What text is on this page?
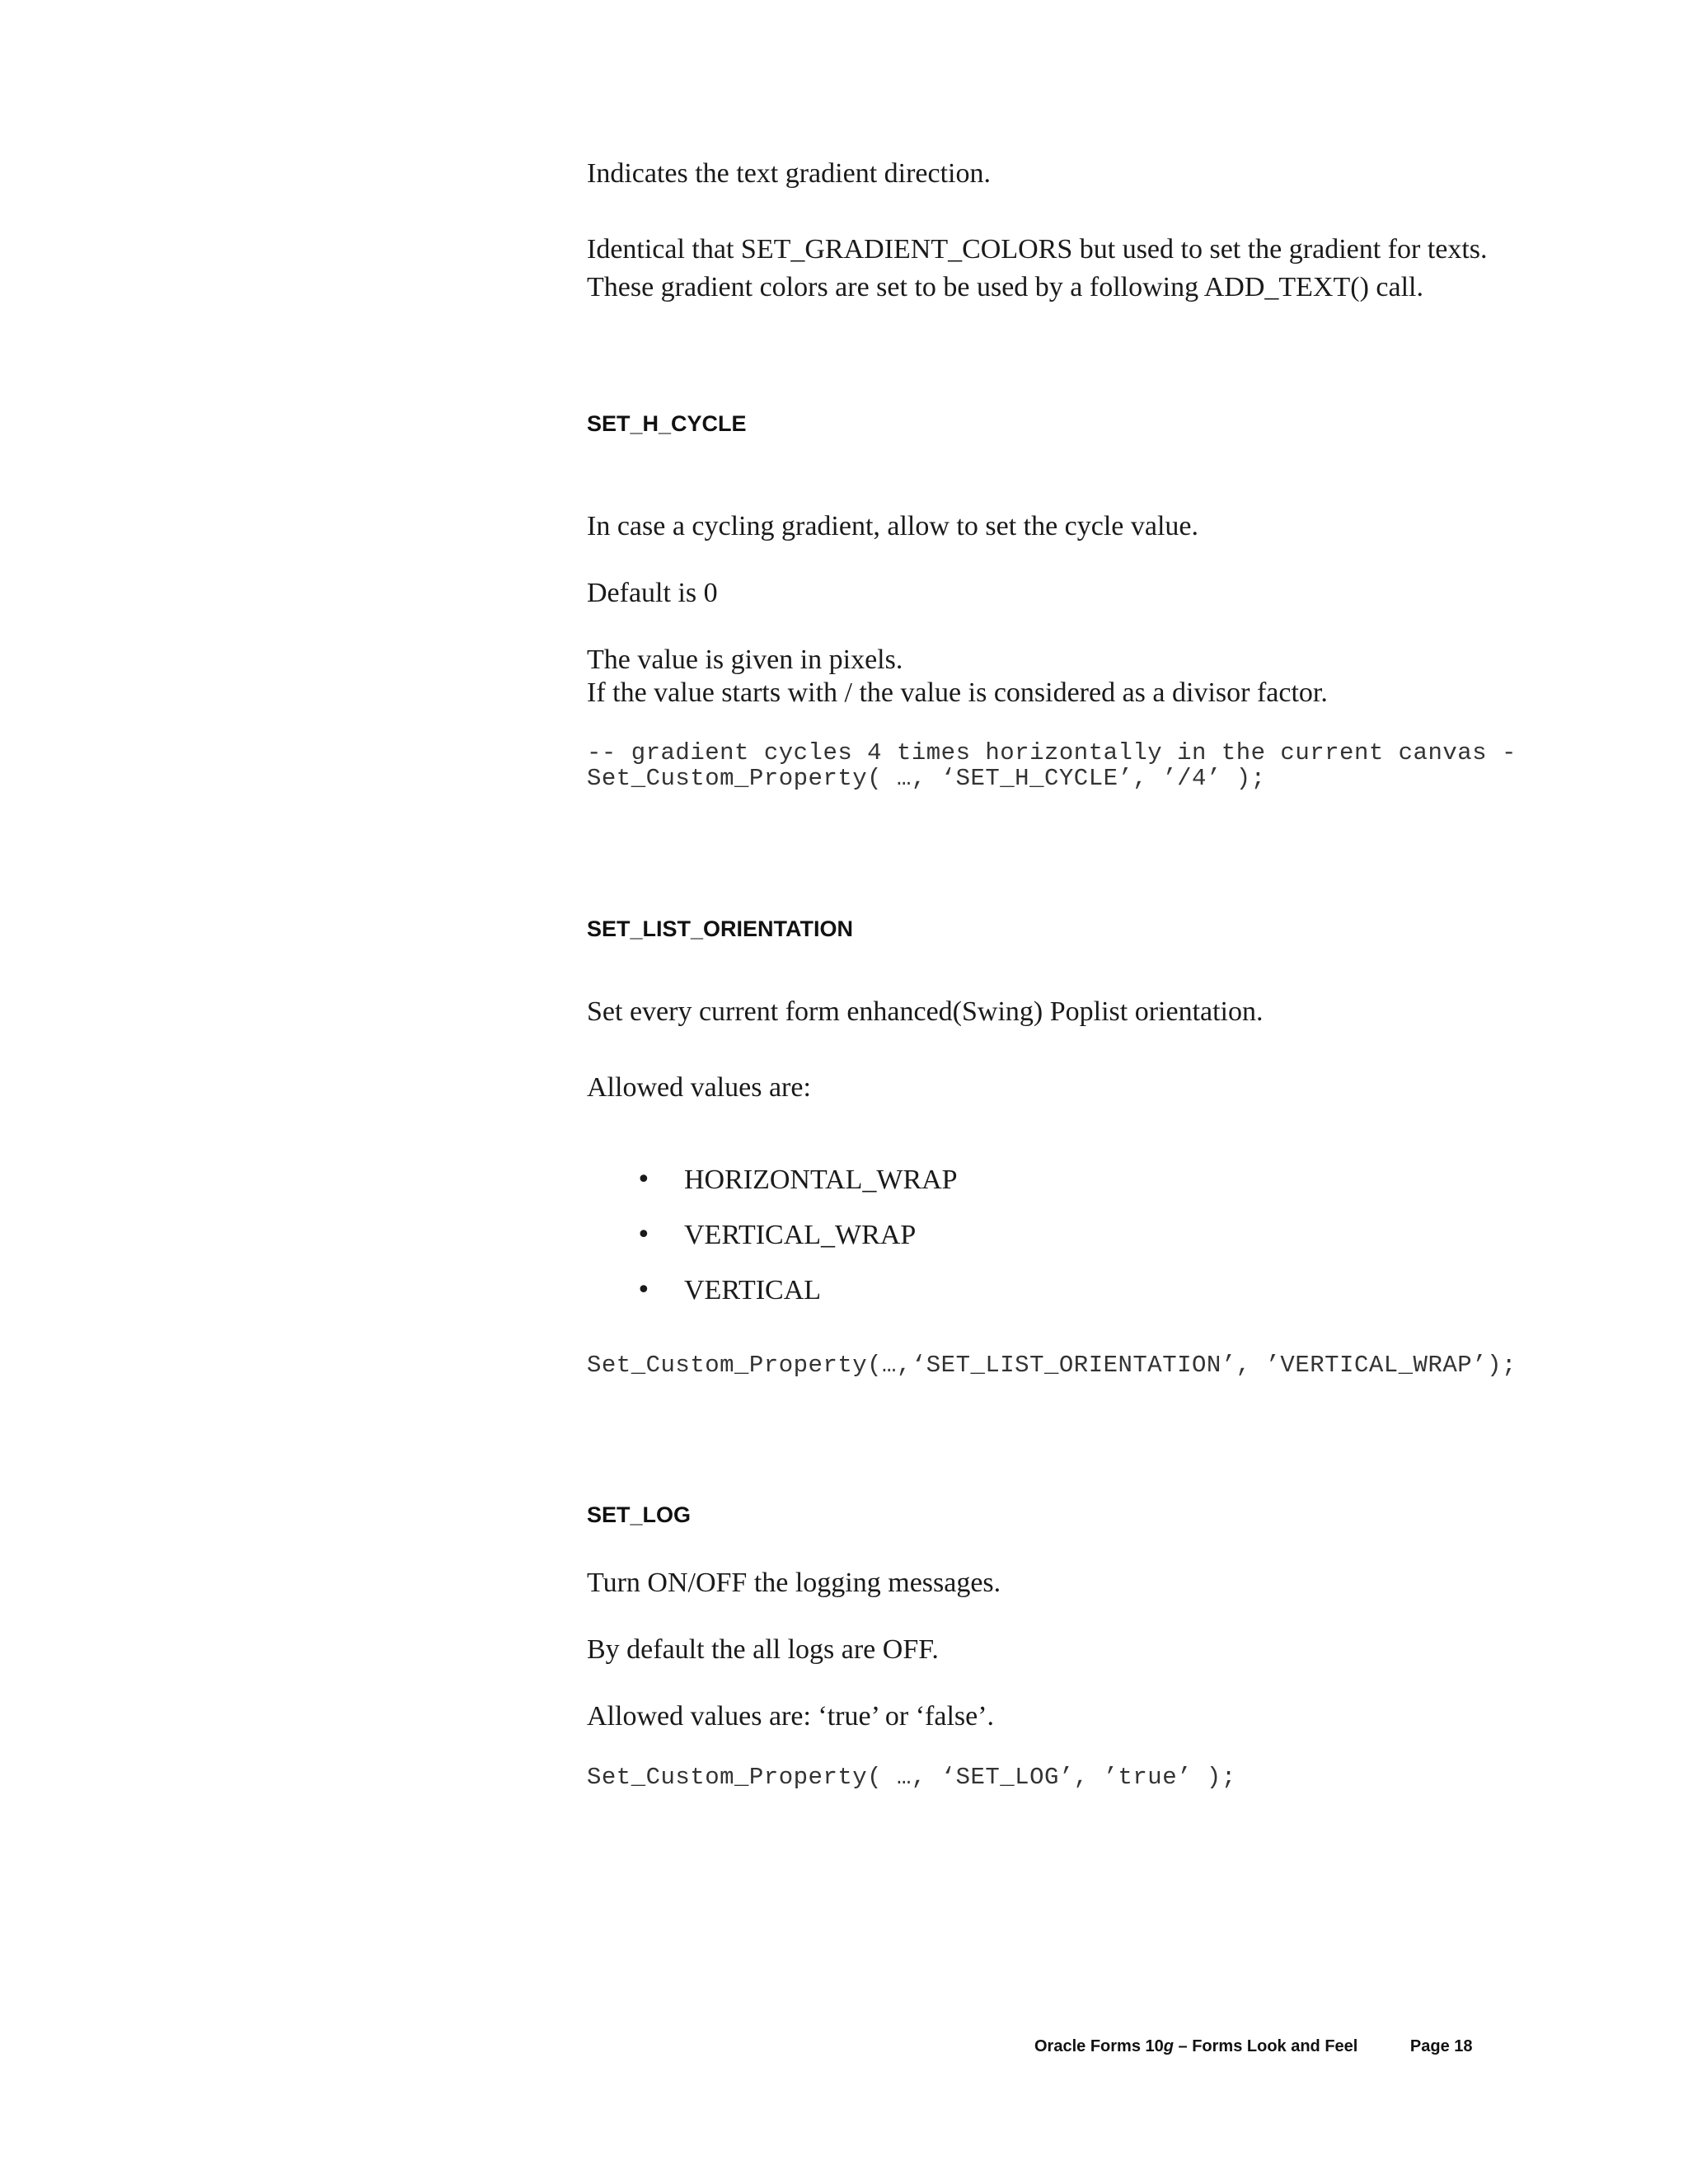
Indicates the text gradient direction.

Identical that SET_GRADIENT_COLORS but used to set the gradient for texts.

These gradient colors are set to be used by a following ADD_TEXT() call.

SET_H_CYCLE

In case a cycling gradient, allow to set the cycle value.

Default is 0

The value is given in pixels.

If the value starts with / the value is considered as a divisor factor.

-- gradient cycles 4 times horizontally in the current canvas -
Set_Custom_Property( …, ‘SET_H_CYCLE’, ’/4’ );
SET_LIST_ORIENTATION

Set every current form enhanced(Swing) Poplist orientation.

Allowed values are:

• HORIZONTAL_WRAP
• VERTICAL_WRAP
• VERTICAL
Set_Custom_Property(…,‘SET_LIST_ORIENTATION’, ’VERTICAL_WRAP’);
SET_LOG

Turn ON/OFF the logging messages.

By default the all logs are OFF.

Allowed values are: ‘true’ or ‘false’.

Set_Custom_Property( …, ‘SET_LOG’, ’true’ );
Oracle Forms 10g – Forms Look and Feel	Page 18
